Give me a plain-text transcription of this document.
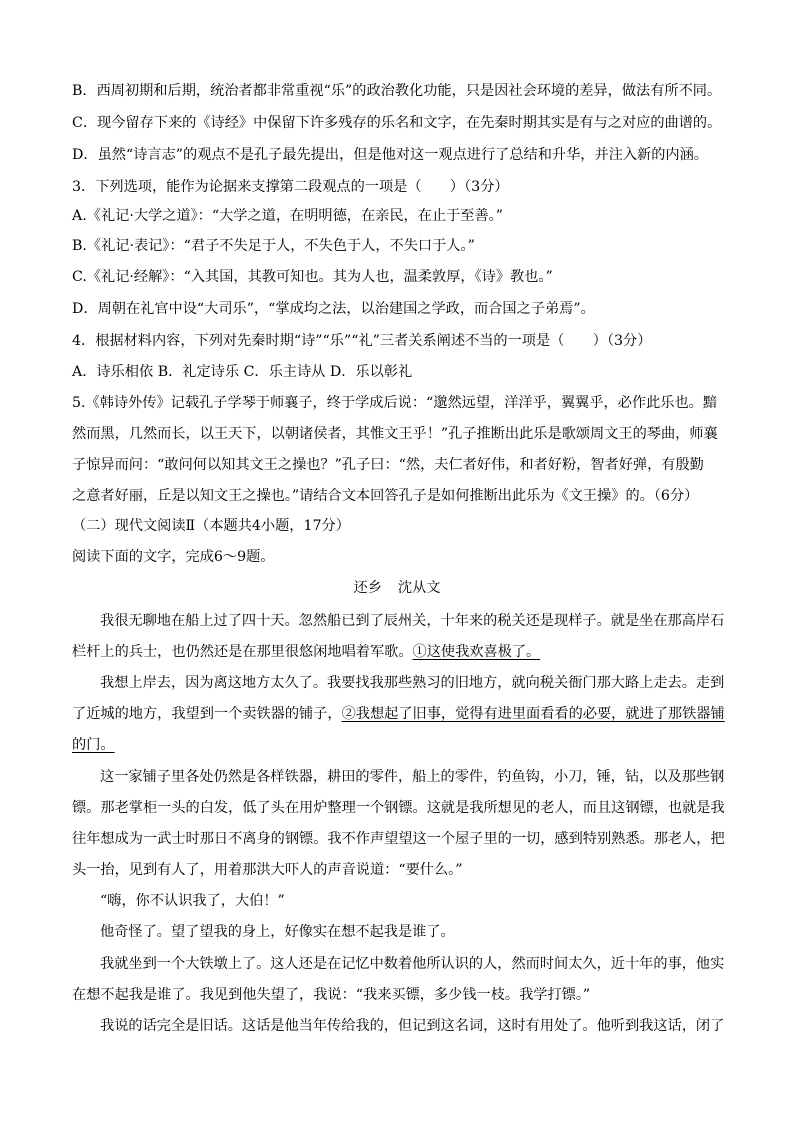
B．西周初期和后期，统治者都非常重视“乐”的政治教化功能，只是因社会环境的差异，做法有所不同。
C．现今留存下来的《诗经》中保留下许多残存的乐名和文字，在先秦时期其实是有与之对应的曲谱的。
D．虽然“诗言志”的观点不是孔子最先提出，但是他对这一观点进行了总结和升华，并注入新的内涵。
3．下列选项，能作为论据来支撑第二段观点的一项是（　　）（3分）
A.《礼记·大学之道》：“大学之道，在明明德，在亲民，在止于至善。”
B.《礼记·表记》：“君子不失足于人，不失色于人，不失口于人。”
C.《礼记·经解》：“入其国，其教可知也。其为人也，温柔敦厚，《诗》教也。”
D．周朝在礼官中设“大司乐”，“掌成均之法，以治建国之学政，而合国之子弟焉”。
4．根据材料内容，下列对先秦时期“诗”“乐”“礼”三者关系阐述不当的一项是（　　）（3分）
A．诗乐相依 B．礼定诗乐 C．乐主诗从 D．乐以彰礼
5.《韩诗外传》记载孔子学琴于师襄子，终于学成后说：“邈然远望，洋洋乎，翼翼乎，必作此乐也。黯
然而黑，几然而长，以王天下，以朝诸侯者，其惟文王乎！”孔子推断出此乐是歌颂周文王的琴曲，师襄
子惊异而问：“敢问何以知其文王之操也？”孔子曰：“然，夫仁者好伟，和者好粉，智者好弹，有殷勤
之意者好丽，丘是以知文王之操也。”请结合文本回答孔子是如何推断出此乐为《文王操》的。（6分）
（二）现代文阅读Ⅱ（本题共4小题，17分）
阅读下面的文字，完成6～9题。
还乡 沈从文
我很无聊地在船上过了四十天。忽然船已到了辰州关，十年来的税关还是现样子。就是坐在那高岸石
栏杆上的兵士，也仍然还是在那里很悠闲地唱着军歌。①这使我欢喜极了。
我想上岸去，因为离这地方太久了。我要找我那些熟习的旧地方，就向税关衙门那大路上走去。走到
了近城的地方，我望到一个卖铁器的铺子，②我想起了旧事，觉得有进里面看看的必要，就进了那铁器铺
的门。
这一家铺子里各处仍然是各样铁器，耕田的零件，船上的零件，钓鱼钩，小刀，锤，钻，以及那些钢
镖。那老掌柜一头的白发，低了头在用炉整理一个钢镖。这就是我所想见的老人，而且这钢镖，也就是我
往年想成为一武士时那日不离身的钢镖。我不作声望望这一个屋子里的一切，感到特别熟悉。那老人，把
头一抬，见到有人了，用着那洪大吓人的声音说道：“要什么。”
“嗨，你不认识我了，大伯！”
他奇怪了。望了望我的身上，好像实在想不起我是谁了。
我就坐到一个大铁墩上了。这人还是在记忆中数着他所认识的人，然而时间太久，近十年的事，他实
在想不起我是谁了。我见到他失望了，我说：“我来买镖，多少钱一枝。我学打镖。”
我说的话完全是旧话。这话是他当年传给我的，但记到这名词，这时有用处了。他听到我这话，闭了
